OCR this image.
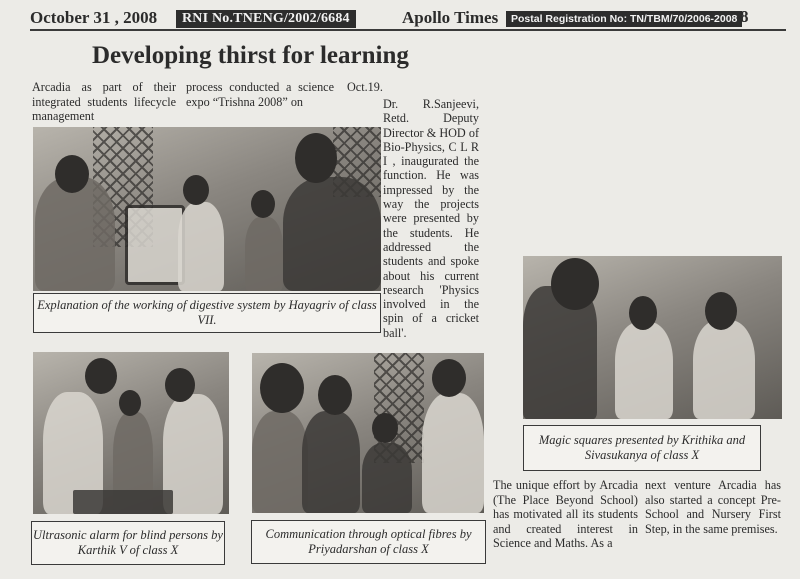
October 31 , 2008	RNI No.TNENG/2002/6684	Apollo Times	Postal Registration No: TN/TBM/70/2006-2008 8
Developing thirst for learning
Arcadia as part of their integrated students lifecycle management
process conducted a science expo “Trishna 2008” on
Oct.19.
Dr. R.Sanjeevi, Retd. Deputy Director & HOD of Bio-Physics, C L R I , inaugurated the function. He was impressed by the way the projects were presented by the students. He addressed the students and spoke about his current research 'Physics involved in the spin of a cricket ball'.
Explanation of the working of digestive system by Hayagriv of class VII.
Ultrasonic alarm for blind persons by Karthik V of class X
Communication through optical fibres by Priyadarshan of class X
Magic squares presented by Krithika and Sivasukanya of class X
The unique effort by Arcadia (The Place Beyond School) has motivated all its students and created interest in Science and Maths. As a
next venture Arcadia has also started a concept Pre-School and Nursery First Step, in the same premises.
